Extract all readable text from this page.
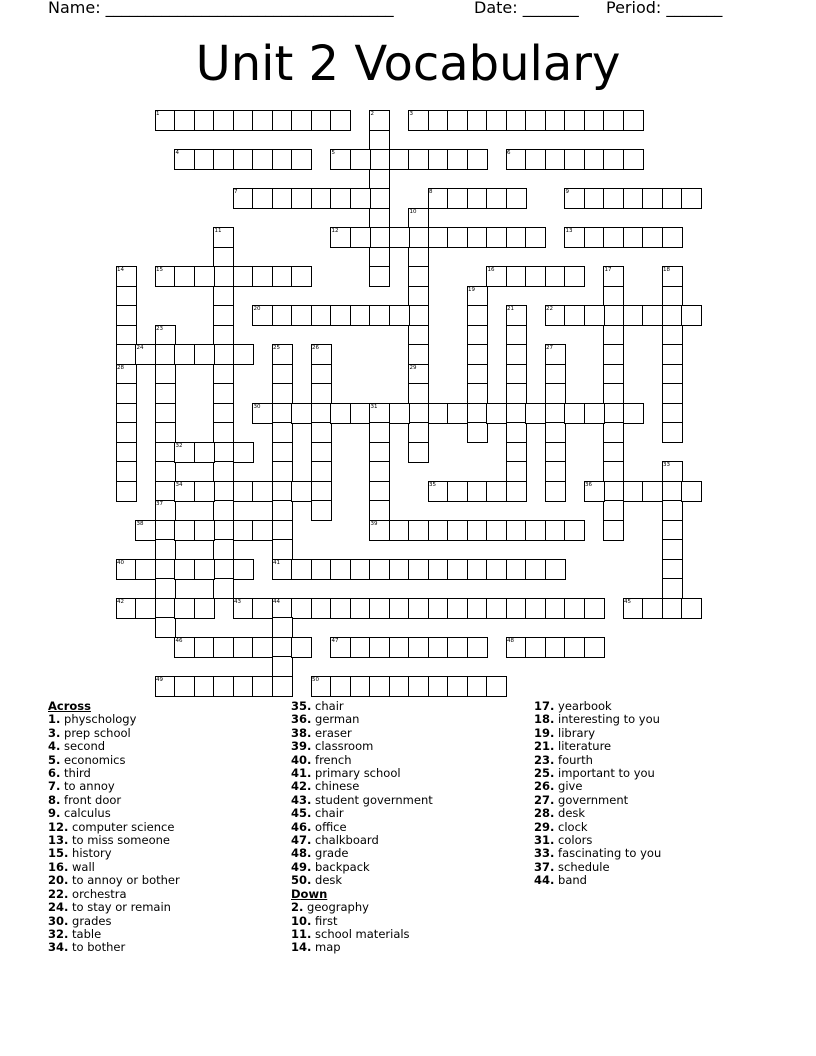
Name: ____________________________________	Date: _______ Period: _______
Unit 2 Vocabulary
1	2	3
4	5	6
7	8	9
10
11	12	13
14	15	16	17	18
19
20	21	22
23
24	25	26	27
28	29
30	31
32
33
34	35	36
37
38	39
40	41
42	43	44	45
46	47	48
49	50
Across
1. physchology
3. prep school
4. second
5. economics
6. third
7. to annoy
8. front door
9. calculus
12. computer science
13. to miss someone
15. history
16. wall
20. to annoy or bother
22. orchestra
24. to stay or remain
30. grades
32. table
34. to bother
35. chair
36. german
38. eraser
39. classroom
40. french
41. primary school
42. chinese
43. student government
45. chair
46. office
47. chalkboard
48. grade
49. backpack
50. desk
Down
2. geography
10. first
11. school materials
14. map
17. yearbook
18. interesting to you
19. library
21. literature
23. fourth
25. important to you
26. give
27. government
28. desk
29. clock
31. colors
33. fascinating to you
37. schedule
44. band
